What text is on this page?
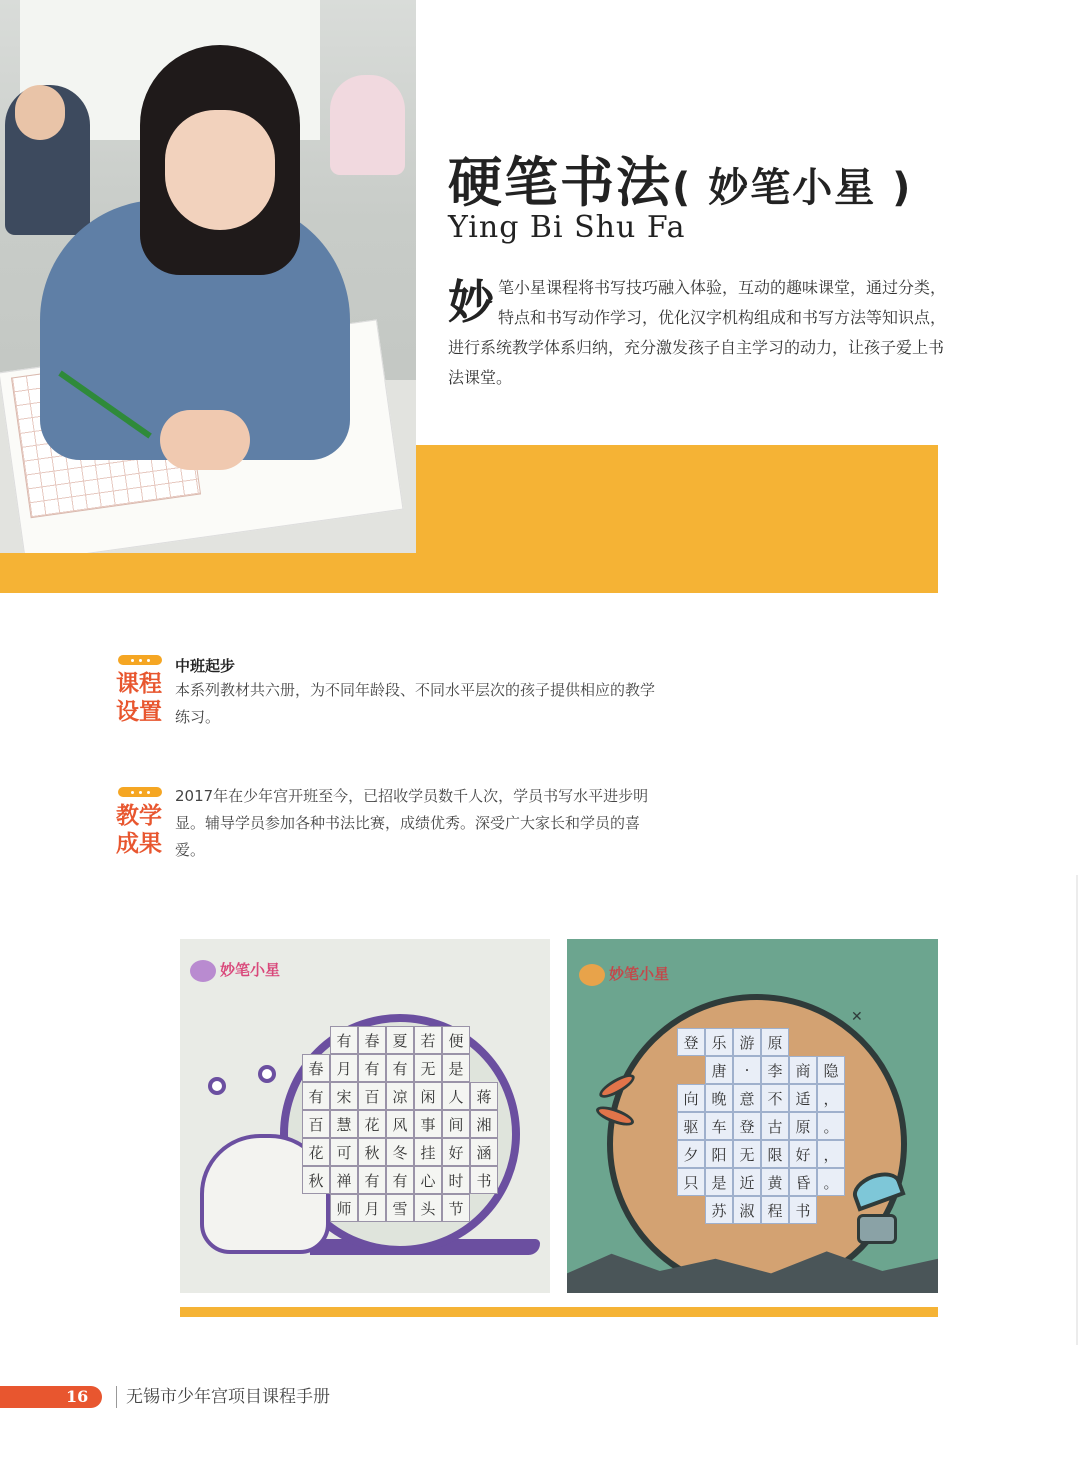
硬笔书法( 妙笔小星 )
Ying Bi Shu Fa
妙笔小星课程将书写技巧融入体验，互动的趣味课堂，通过分类，特点和书写动作学习，优化汉字机构组成和书写方法等知识点，进行系统教学体系归纳，充分激发孩子自主学习的动力，让孩子爱上书法课堂。
课程设置
中班起步
本系列教材共六册，为不同年龄段、不同水平层次的孩子提供相应的教学练习。
教学成果
2017年在少年宫开班至今，已招收学员数千人次，学员书写水平进步明显。辅导学员参加各种书法比赛，成绩优秀。深受广大家长和学员的喜爱。
妙笔小星
有 春 夏 若 便
春 月 有 有 无 是
有 宋 百 凉 闲 人 蒋
百 慧 花 风 事 间 湘
花 可 秋 冬 挂 好 涵
秋 禅 有 有 心 时 书
师 月 雪 头 节
妙笔小星
✕
登 乐 游 原
唐	·	李 商 隐
向 晚 意 不 适 ，
驱 车 登 古 原 。
夕 阳 无 限 好 ，
只 是 近 黄 昏 。
苏 淑 程 书
16 无锡市少年宫项目课程手册
